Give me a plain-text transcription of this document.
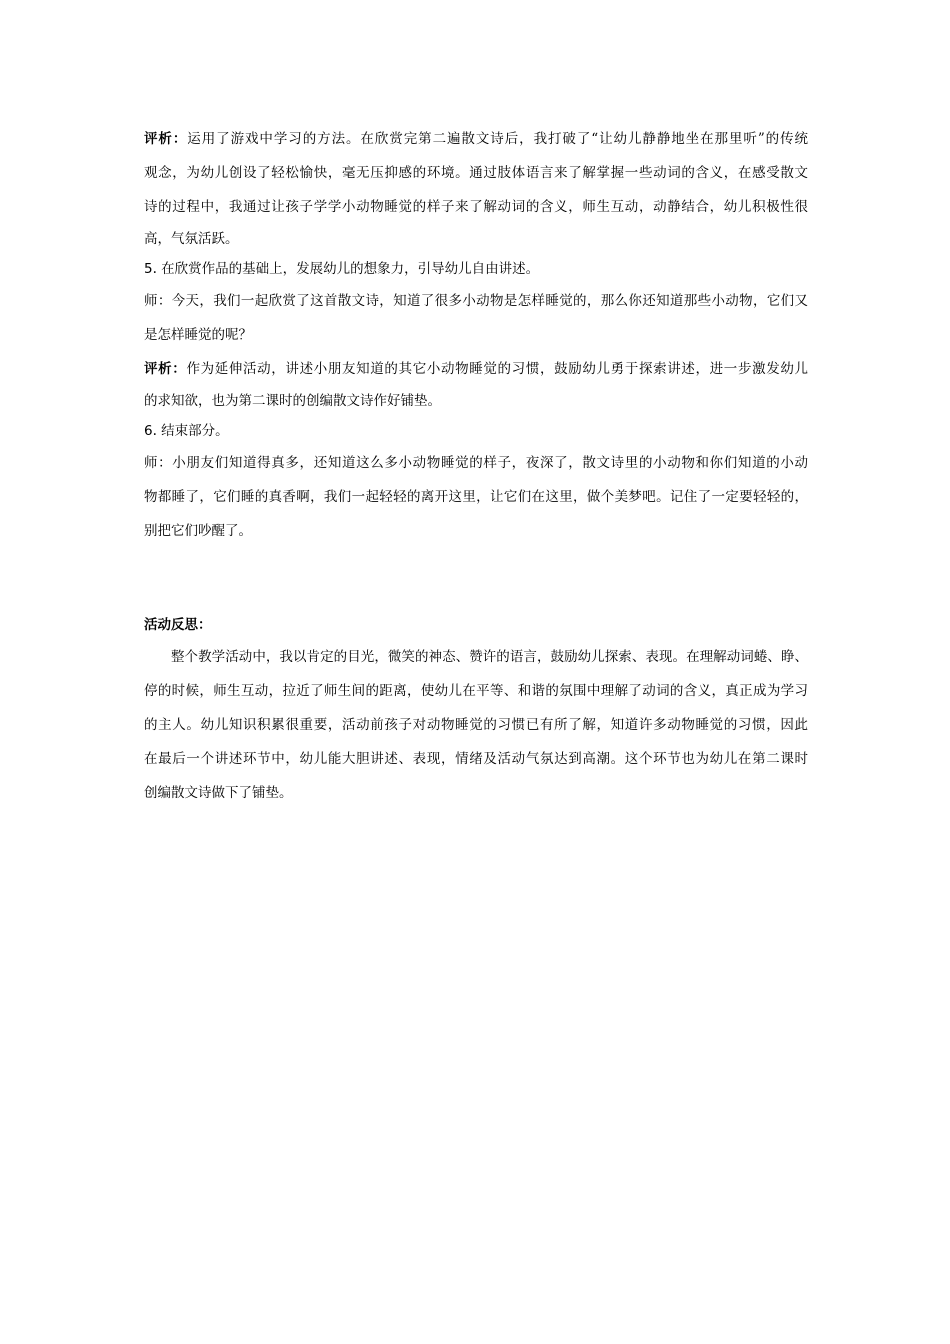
评析：运用了游戏中学习的方法。在欣赏完第二遍散文诗后，我打破了“让幼儿静静地坐在那里听”的传统
观念，为幼儿创设了轻松愉快，毫无压抑感的环境。通过肢体语言来了解掌握一些动词的含义，在感受散文
诗的过程中，我通过让孩子学学小动物睡觉的样子来了解动词的含义，师生互动，动静结合，幼儿积极性很
高，气氛活跃。
5. 在欣赏作品的基础上，发展幼儿的想象力，引导幼儿自由讲述。
师：今天，我们一起欣赏了这首散文诗，知道了很多小动物是怎样睡觉的，那么你还知道那些小动物，它们又
是怎样睡觉的呢？
评析：作为延伸活动，讲述小朋友知道的其它小动物睡觉的习惯，鼓励幼儿勇于探索讲述，进一步激发幼儿
的求知欲，也为第二课时的创编散文诗作好铺垫。
6. 结束部分。
师：小朋友们知道得真多，还知道这么多小动物睡觉的样子，夜深了，散文诗里的小动物和你们知道的小动
物都睡了，它们睡的真香啊，我们一起轻轻的离开这里，让它们在这里，做个美梦吧。记住了一定要轻轻的，
别把它们吵醒了。
活动反思：
整个教学活动中，我以肯定的目光，微笑的神态、赞许的语言，鼓励幼儿探索、表现。在理解动词蜷、睁、
停的时候，师生互动，拉近了师生间的距离，使幼儿在平等、和谐的氛围中理解了动词的含义，真正成为学习
的主人。幼儿知识积累很重要，活动前孩子对动物睡觉的习惯已有所了解，知道许多动物睡觉的习惯，因此
在最后一个讲述环节中，幼儿能大胆讲述、表现，情绪及活动气氛达到高潮。这个环节也为幼儿在第二课时
创编散文诗做下了铺垫。
